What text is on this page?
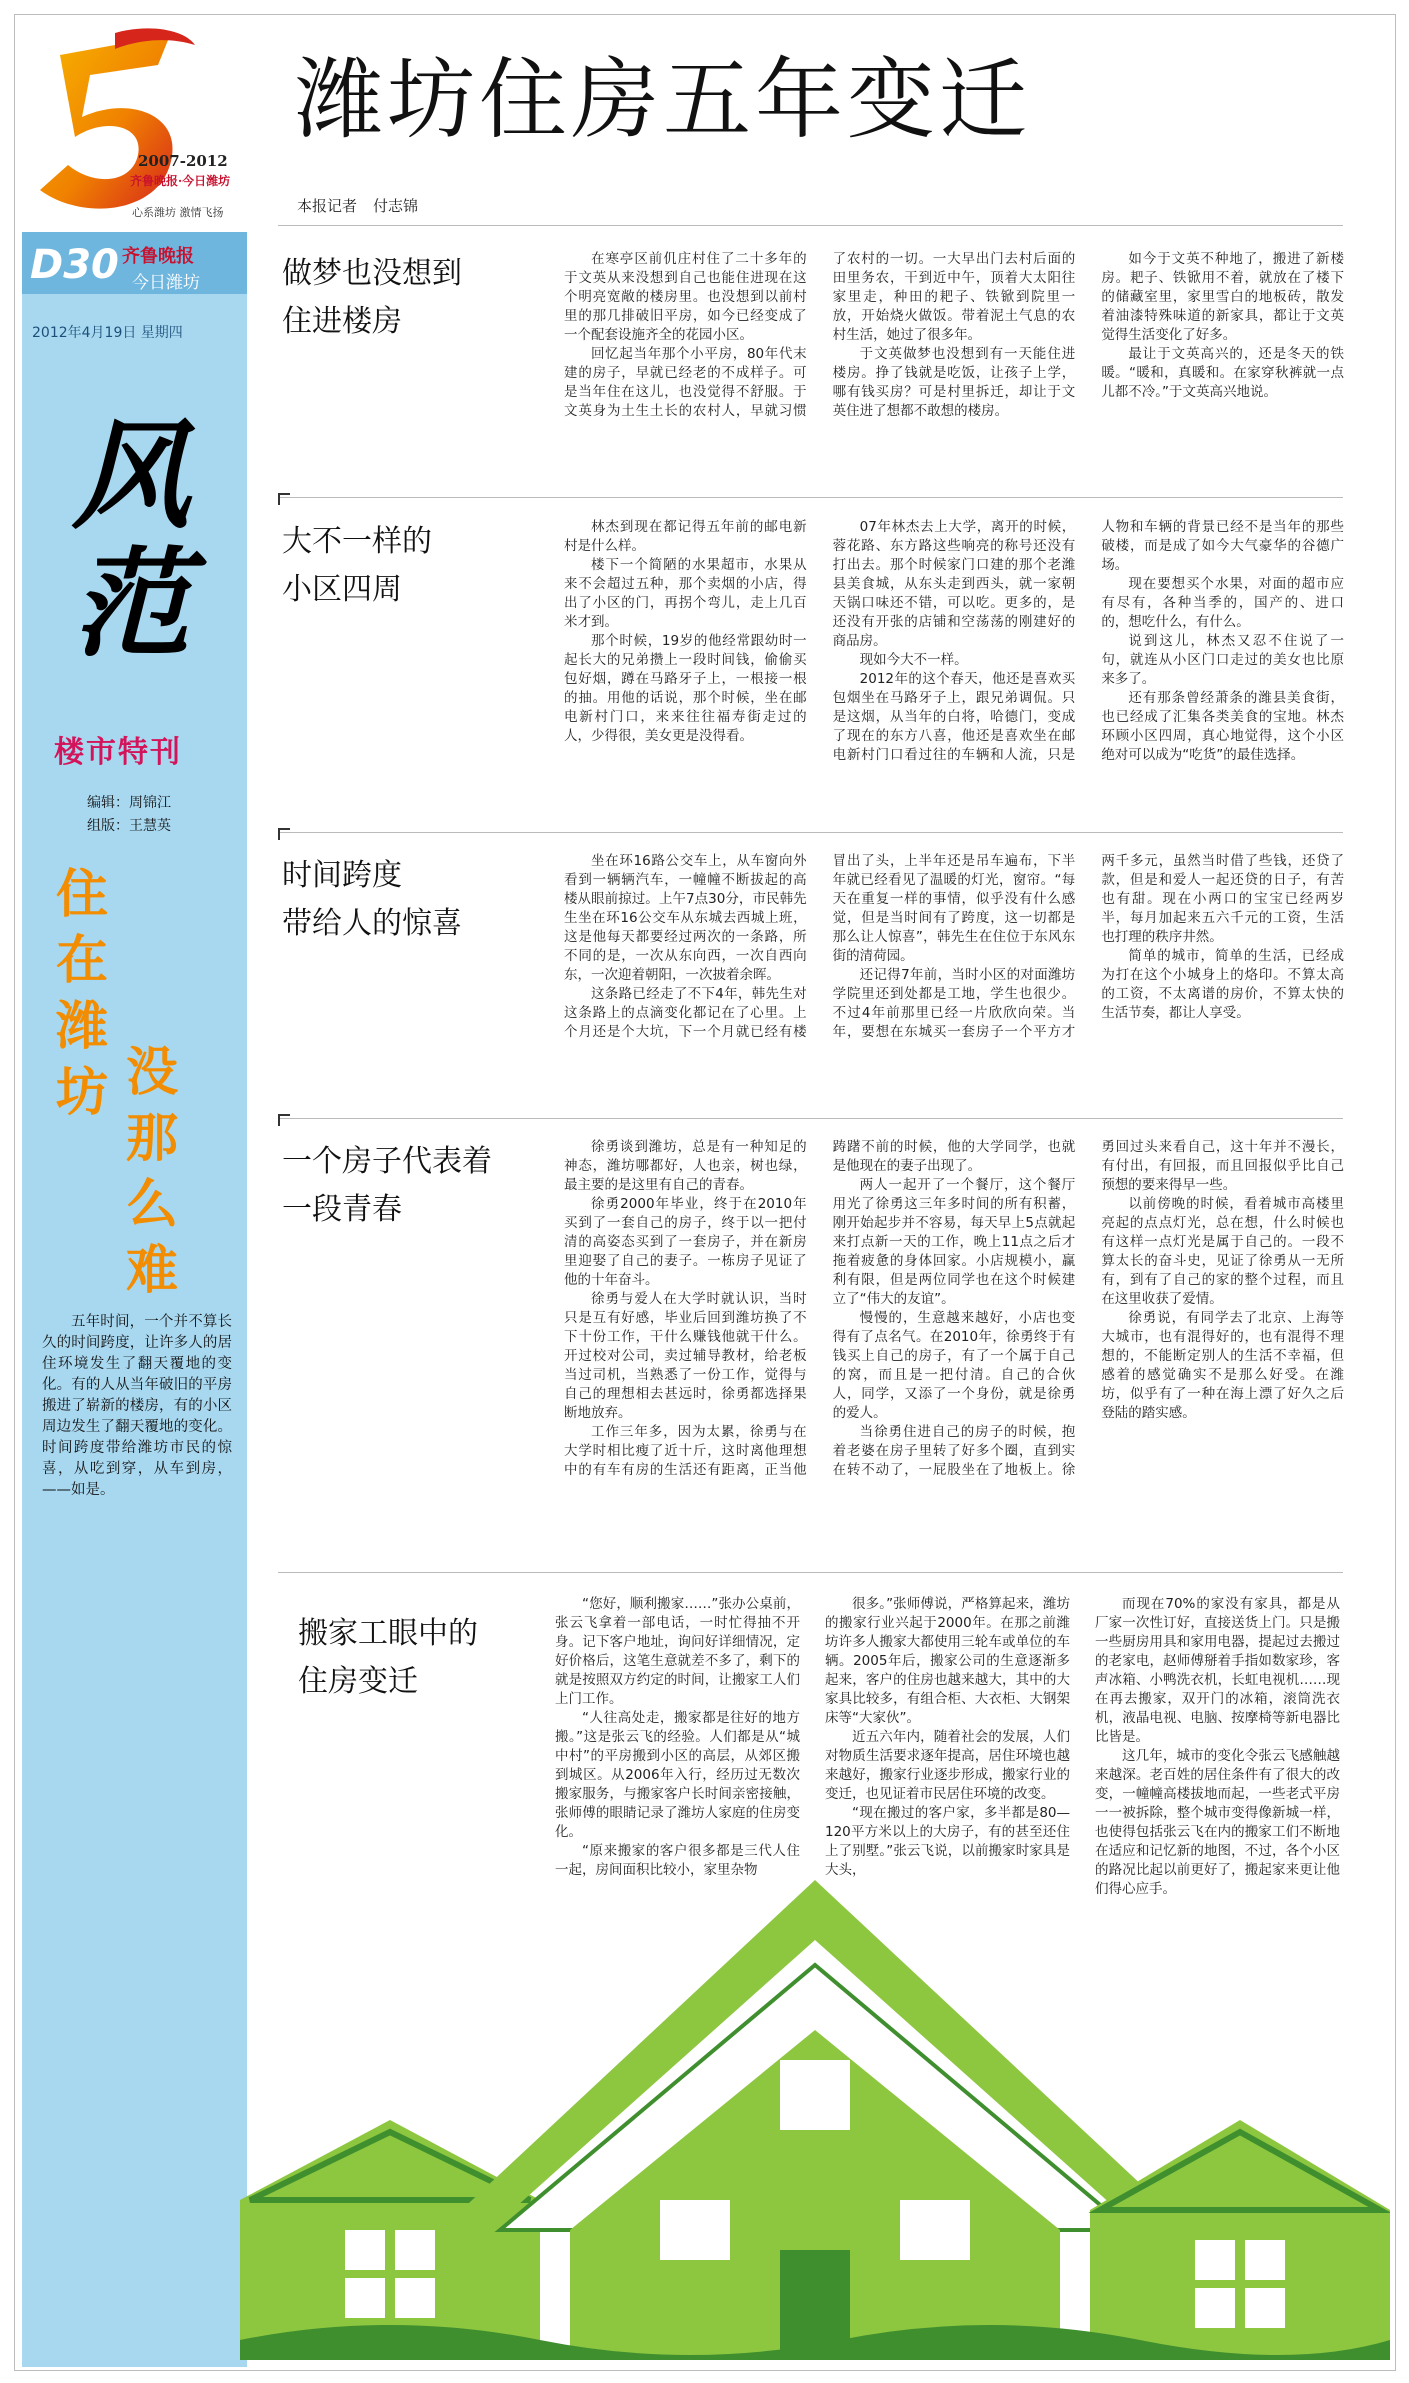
2007-2012
齐鲁晚报·今日潍坊
心系潍坊 激情飞扬
潍坊住房五年变迁
本报记者 付志锦
D30 齐鲁晚报
今日潍坊
2012年4月19日 星期四
风范
楼市特刊
编辑：周锦江
组版：王慧英
住在潍坊 没那么难
五年时间，一个并不算长久的时间跨度，让许多人的居住环境发生了翻天覆地的变化。有的人从当年破旧的平房搬进了崭新的楼房，有的小区周边发生了翻天覆地的变化。时间跨度带给潍坊市民的惊喜，从吃到穿，从车到房，——如是。
做梦也没想到
住进楼房

在寒亭区前仉庄村住了二十多年的于文英从来没想到自己也能住进现在这个明亮宽敞的楼房里。也没想到以前村里的那几排破旧平房，如今已经变成了一个配套设施齐全的花园小区。

回忆起当年那个小平房，80年代末建的房子，早就已经老的不成样子。可是当年住在这儿，也没觉得不舒服。于文英身为土生土长的农村人，早就习惯了农村的一切。一大早出门去村后面的田里务农，干到近中午，顶着大太阳往家里走，种田的耙子、铁锨到院里一放，开始烧火做饭。带着泥土气息的农村生活，她过了很多年。

于文英做梦也没想到有一天能住进楼房。挣了钱就是吃饭，让孩子上学，哪有钱买房？可是村里拆迁，却让于文英住进了想都不敢想的楼房。

如今于文英不种地了，搬进了新楼房。耙子、铁锨用不着，就放在了楼下的储藏室里，家里雪白的地板砖，散发着油漆特殊味道的新家具，都让于文英觉得生活变化了好多。

最让于文英高兴的，还是冬天的铁暖。“暖和，真暖和。在家穿秋裤就一点儿都不冷。”于文英高兴地说。

大不一样的
小区四周

林杰到现在都记得五年前的邮电新村是什么样。

楼下一个简陋的水果超市，水果从来不会超过五种，那个卖烟的小店，得出了小区的门，再拐个弯儿，走上几百米才到。

那个时候，19岁的他经常跟幼时一起长大的兄弟攒上一段时间钱，偷偷买包好烟，蹲在马路牙子上，一根接一根的抽。用他的话说，那个时候，坐在邮电新村门口，来来往往福寿街走过的人，少得很，美女更是没得看。

07年林杰去上大学，离开的时候，蓉花路、东方路这些响亮的称号还没有打出去。那个时候家门口建的那个老潍县美食城，从东头走到西头，就一家朝天锅口味还不错，可以吃。更多的，是还没有开张的店铺和空荡荡的刚建好的商品房。

现如今大不一样。

2012年的这个春天，他还是喜欢买包烟坐在马路牙子上，跟兄弟调侃。只是这烟，从当年的白将，哈德门，变成了现在的东方八喜，他还是喜欢坐在邮电新村门口看过往的车辆和人流，只是人物和车辆的背景已经不是当年的那些破楼，而是成了如今大气豪华的谷德广场。

现在要想买个水果，对面的超市应有尽有，各种当季的，国产的、进口的，想吃什么，有什么。

说到这儿，林杰又忍不住说了一句，就连从小区门口走过的美女也比原来多了。

还有那条曾经萧条的潍县美食街，也已经成了汇集各类美食的宝地。林杰环顾小区四周，真心地觉得，这个小区绝对可以成为“吃货”的最佳选择。

时间跨度
带给人的惊喜

坐在环16路公交车上，从车窗向外看到一辆辆汽车，一幢幢不断拔起的高楼从眼前掠过。上午7点30分，市民韩先生坐在环16公交车从东城去西城上班，这是他每天都要经过两次的一条路，所不同的是，一次从东向西，一次自西向东，一次迎着朝阳，一次披着余晖。

这条路已经走了不下4年，韩先生对这条路上的点滴变化都记在了心里。上个月还是个大坑，下一个月就已经有楼冒出了头，上半年还是吊车遍布，下半年就已经看见了温暖的灯光，窗帘。“每天在重复一样的事情，似乎没有什么感觉，但是当时间有了跨度，这一切都是那么让人惊喜”，韩先生在住位于东风东街的清荷园。

还记得7年前，当时小区的对面潍坊学院里还到处都是工地，学生也很少。不过4年前那里已经一片欣欣向荣。当年，要想在东城买一套房子一个平方才两千多元，虽然当时借了些钱，还贷了款，但是和爱人一起还贷的日子，有苦也有甜。现在小两口的宝宝已经两岁半，每月加起来五六千元的工资，生活也打理的秩序井然。

简单的城市，简单的生活，已经成为打在这个小城身上的烙印。不算太高的工资，不太离谱的房价，不算太快的生活节奏，都让人享受。

一个房子代表着
一段青春

徐勇谈到潍坊，总是有一种知足的神态，潍坊哪都好，人也亲，树也绿，最主要的是这里有自己的青春。

徐勇2000年毕业，终于在2010年买到了一套自己的房子，终于以一把付清的高姿态买到了一套房子，并在新房里迎娶了自己的妻子。一栋房子见证了他的十年奋斗。

徐勇与爱人在大学时就认识，当时只是互有好感，毕业后回到潍坊换了不下十份工作，干什么赚钱他就干什么。开过校对公司，卖过辅导教材，给老板当过司机，当熟悉了一份工作，觉得与自己的理想相去甚远时，徐勇都选择果断地放弃。

工作三年多，因为太累，徐勇与在大学时相比瘦了近十斤，这时离他理想中的有车有房的生活还有距离，正当他踌躇不前的时候，他的大学同学，也就是他现在的妻子出现了。

两人一起开了一个餐厅，这个餐厅用光了徐勇这三年多时间的所有积蓄，刚开始起步并不容易，每天早上5点就起来打点新一天的工作，晚上11点之后才拖着疲惫的身体回家。小店规模小，赢利有限，但是两位同学也在这个时候建立了“伟大的友谊”。

慢慢的，生意越来越好，小店也变得有了点名气。在2010年，徐勇终于有钱买上自己的房子，有了一个属于自己的窝，而且是一把付清。自己的合伙人，同学，又添了一个身份，就是徐勇的爱人。

当徐勇住进自己的房子的时候，抱着老婆在房子里转了好多个圈，直到实在转不动了，一屁股坐在了地板上。徐勇回过头来看自己，这十年并不漫长，有付出，有回报，而且回报似乎比自己预想的要来得早一些。

以前傍晚的时候，看着城市高楼里亮起的点点灯光，总在想，什么时候也有这样一点灯光是属于自己的。一段不算太长的奋斗史，见证了徐勇从一无所有，到有了自己的家的整个过程，而且在这里收获了爱情。

徐勇说，有同学去了北京、上海等大城市，也有混得好的，也有混得不理想的，不能断定别人的生活不幸福，但感着的感觉确实不是那么好受。在潍坊，似乎有了一种在海上漂了好久之后登陆的踏实感。

搬家工眼中的
住房变迁

“您好，顺利搬家……”张办公桌前，张云飞拿着一部电话，一时忙得抽不开身。记下客户地址，询问好详细情况，定好价格后，这笔生意就差不多了，剩下的就是按照双方约定的时间，让搬家工人们上门工作。

“人往高处走，搬家都是往好的地方搬。”这是张云飞的经验。人们都是从“城中村”的平房搬到小区的高层，从郊区搬到城区。从2006年入行，经历过无数次搬家服务，与搬家客户长时间亲密接触，张师傅的眼睛记录了潍坊人家庭的住房变化。

“原来搬家的客户很多都是三代人住一起，房间面积比较小，家里杂物

很多。”张师傅说，严格算起来，潍坊的搬家行业兴起于2000年。在那之前潍坊许多人搬家大都使用三轮车或单位的车辆。2005年后，搬家公司的生意逐渐多起来，客户的住房也越来越大，其中的大家具比较多，有组合柜、大衣柜、大钢架床等“大家伙”。

近五六年内，随着社会的发展，人们对物质生活要求逐年提高，居住环境也越来越好，搬家行业逐步形成，搬家行业的变迁，也见证着市民居住环境的改变。

“现在搬过的客户家，多半都是80—120平方米以上的大房子，有的甚至还住上了别墅。”张云飞说，以前搬家时家具是大头，

而现在70%的家没有家具，都是从厂家一次性订好，直接送货上门。只是搬一些厨房用具和家用电器，提起过去搬过的老家电，赵师傅掰着手指如数家珍，客声冰箱、小鸭洗衣机，长虹电视机……现在再去搬家，双开门的冰箱，滚筒洗衣机，液晶电视、电脑、按摩椅等新电器比比皆是。

这几年，城市的变化令张云飞感触越来越深。老百姓的居住条件有了很大的改变，一幢幢高楼拔地而起，一些老式平房一一被拆除，整个城市变得像新城一样，也使得包括张云飞在内的搬家工们不断地在适应和记忆新的地图，不过，各个小区的路况比起以前更好了，搬起家来更让他们得心应手。
